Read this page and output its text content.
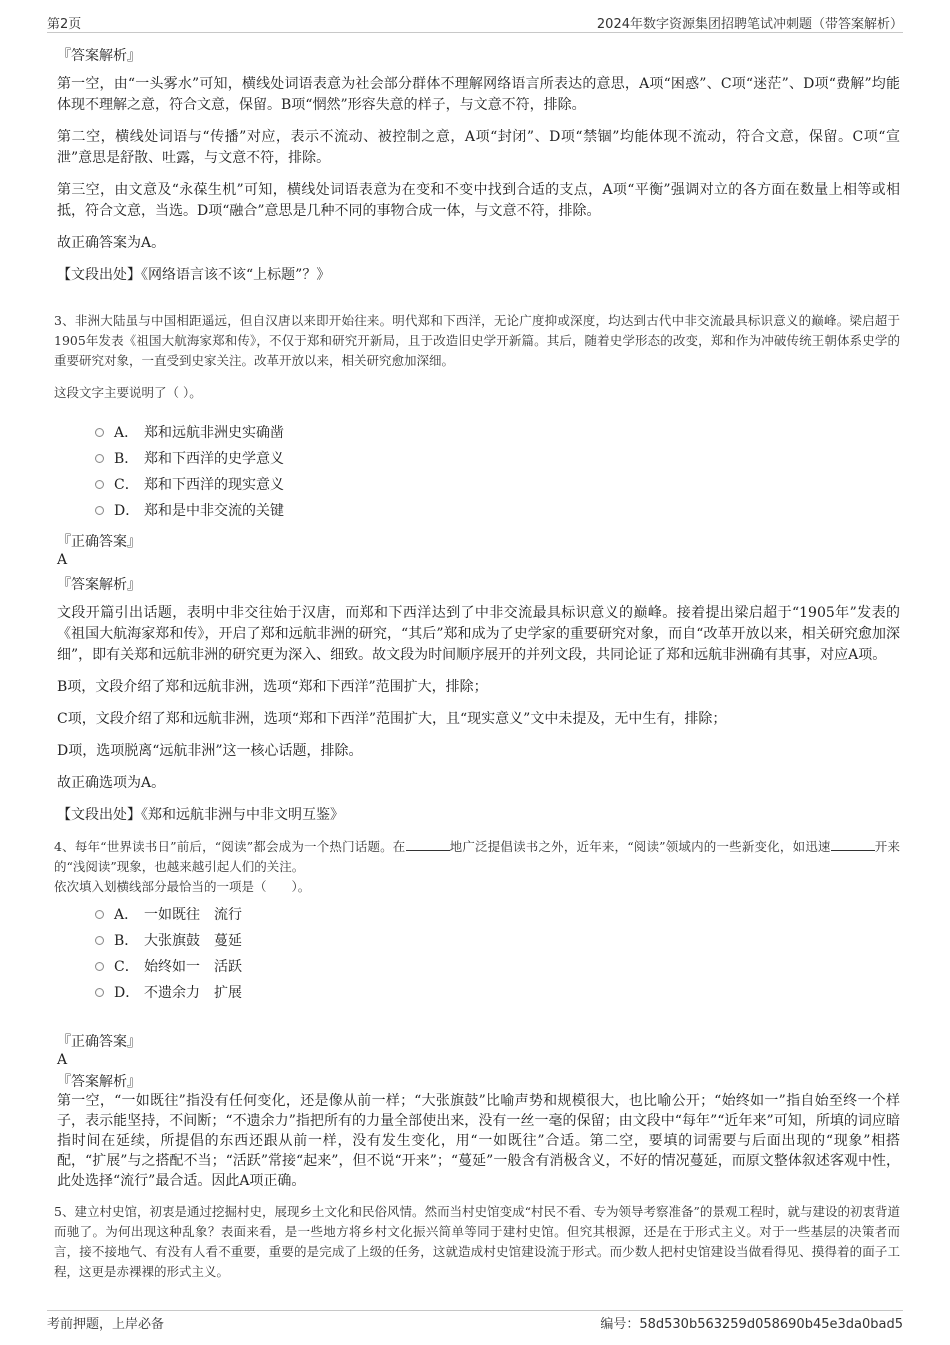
第2页	2024年数字资源集团招聘笔试冲刺题（带答案解析）
『答案解析』

第一空，由“一头雾水”可知，横线处词语表意为社会部分群体不理解网络语言所表达的意思，A项“困惑”、C项“迷茫”、D项“费解”均能体现不理解之意，符合文意，保留。B项“惘然”形容失意的样子，与文意不符，排除。

第二空，横线处词语与“传播”对应，表示不流动、被控制之意，A项“封闭”、D项“禁锢”均能体现不流动，符合文意，保留。C项“宣泄”意思是舒散、吐露，与文意不符，排除。

第三空，由文意及“永葆生机”可知，横线处词语表意为在变和不变中找到合适的支点，A项“平衡”强调对立的各方面在数量上相等或相抵，符合文意，当选。D项“融合”意思是几种不同的事物合成一体，与文意不符，排除。

故正确答案为A。

【文段出处】《网络语言该不该“上标题”？》

3、非洲大陆虽与中国相距遥远，但自汉唐以来即开始往来。明代郑和下西洋，无论广度抑或深度，均达到古代中非交流最具标识意义的巅峰。梁启超于1905年发表《祖国大航海家郑和传》，不仅于郑和研究开新局，且于改造旧史学开新篇。其后，随着史学形态的改变，郑和作为冲破传统王朝体系史学的重要研究对象，一直受到史家关注。改革开放以来，相关研究愈加深细。

这段文字主要说明了（ ）。

A． 郑和远航非洲史实确凿
B． 郑和下西洋的史学意义
C． 郑和下西洋的现实意义
D． 郑和是中非交流的关键
『正确答案』
A
『答案解析』

文段开篇引出话题，表明中非交往始于汉唐，而郑和下西洋达到了中非交流最具标识意义的巅峰。接着提出梁启超于“1905年”发表的《祖国大航海家郑和传》，开启了郑和远航非洲的研究，“其后”郑和成为了史学家的重要研究对象，而自“改革开放以来，相关研究愈加深细”，即有关郑和远航非洲的研究更为深入、细致。故文段为时间顺序展开的并列文段，共同论证了郑和远航非洲确有其事，对应A项。

B项，文段介绍了郑和远航非洲，选项“郑和下西洋”范围扩大，排除；

C项，文段介绍了郑和远航非洲，选项“郑和下西洋”范围扩大，且“现实意义”文中未提及，无中生有，排除；

D项，选项脱离“远航非洲”这一核心话题，排除。

故正确选项为A。

【文段出处】《郑和远航非洲与中非文明互鉴》

4、每年“世界读书日”前后，“阅读”都会成为一个热门话题。在	地广泛提倡读书之外，近年来，“阅读”领域内的一些新变化，如迅速	开来的“浅阅读”现象，也越来越引起人们的关注。

依次填入划横线部分最恰当的一项是（　　）。

A． 一如既往　流行
B． 大张旗鼓　蔓延
C． 始终如一　活跃
D． 不遗余力　扩展
『正确答案』
A
『答案解析』

第一空，“一如既往”指没有任何变化，还是像从前一样；“大张旗鼓”比喻声势和规模很大，也比喻公开；“始终如一”指自始至终一个样子，表示能坚持，不间断；“不遗余力”指把所有的力量全部使出来，没有一丝一毫的保留；由文段中“每年”“近年来”可知，所填的词应暗指时间在延续，所提倡的东西还跟从前一样，没有发生变化，用“一如既往”合适。第二空，要填的词需要与后面出现的“现象”相搭配，“扩展”与之搭配不当；“活跃”常接“起来”，但不说“开来”；“蔓延”一般含有消极含义，不好的情况蔓延，而原文整体叙述客观中性，此处选择“流行”最合适。因此A项正确。

5、建立村史馆，初衷是通过挖掘村史，展现乡土文化和民俗风情。然而当村史馆变成“村民不看、专为领导考察准备”的景观工程时，就与建设的初衷背道而驰了。为何出现这种乱象？表面来看，是一些地方将乡村文化振兴简单等同于建村史馆。但究其根源，还是在于形式主义。对于一些基层的决策者而言，接不接地气、有没有人看不重要，重要的是完成了上级的任务，这就造成村史馆建设流于形式。而少数人把村史馆建设当做看得见、摸得着的面子工程，这更是赤裸裸的形式主义。

考前押题，上岸必备	编号：58d530b563259d058690b45e3da0bad5
